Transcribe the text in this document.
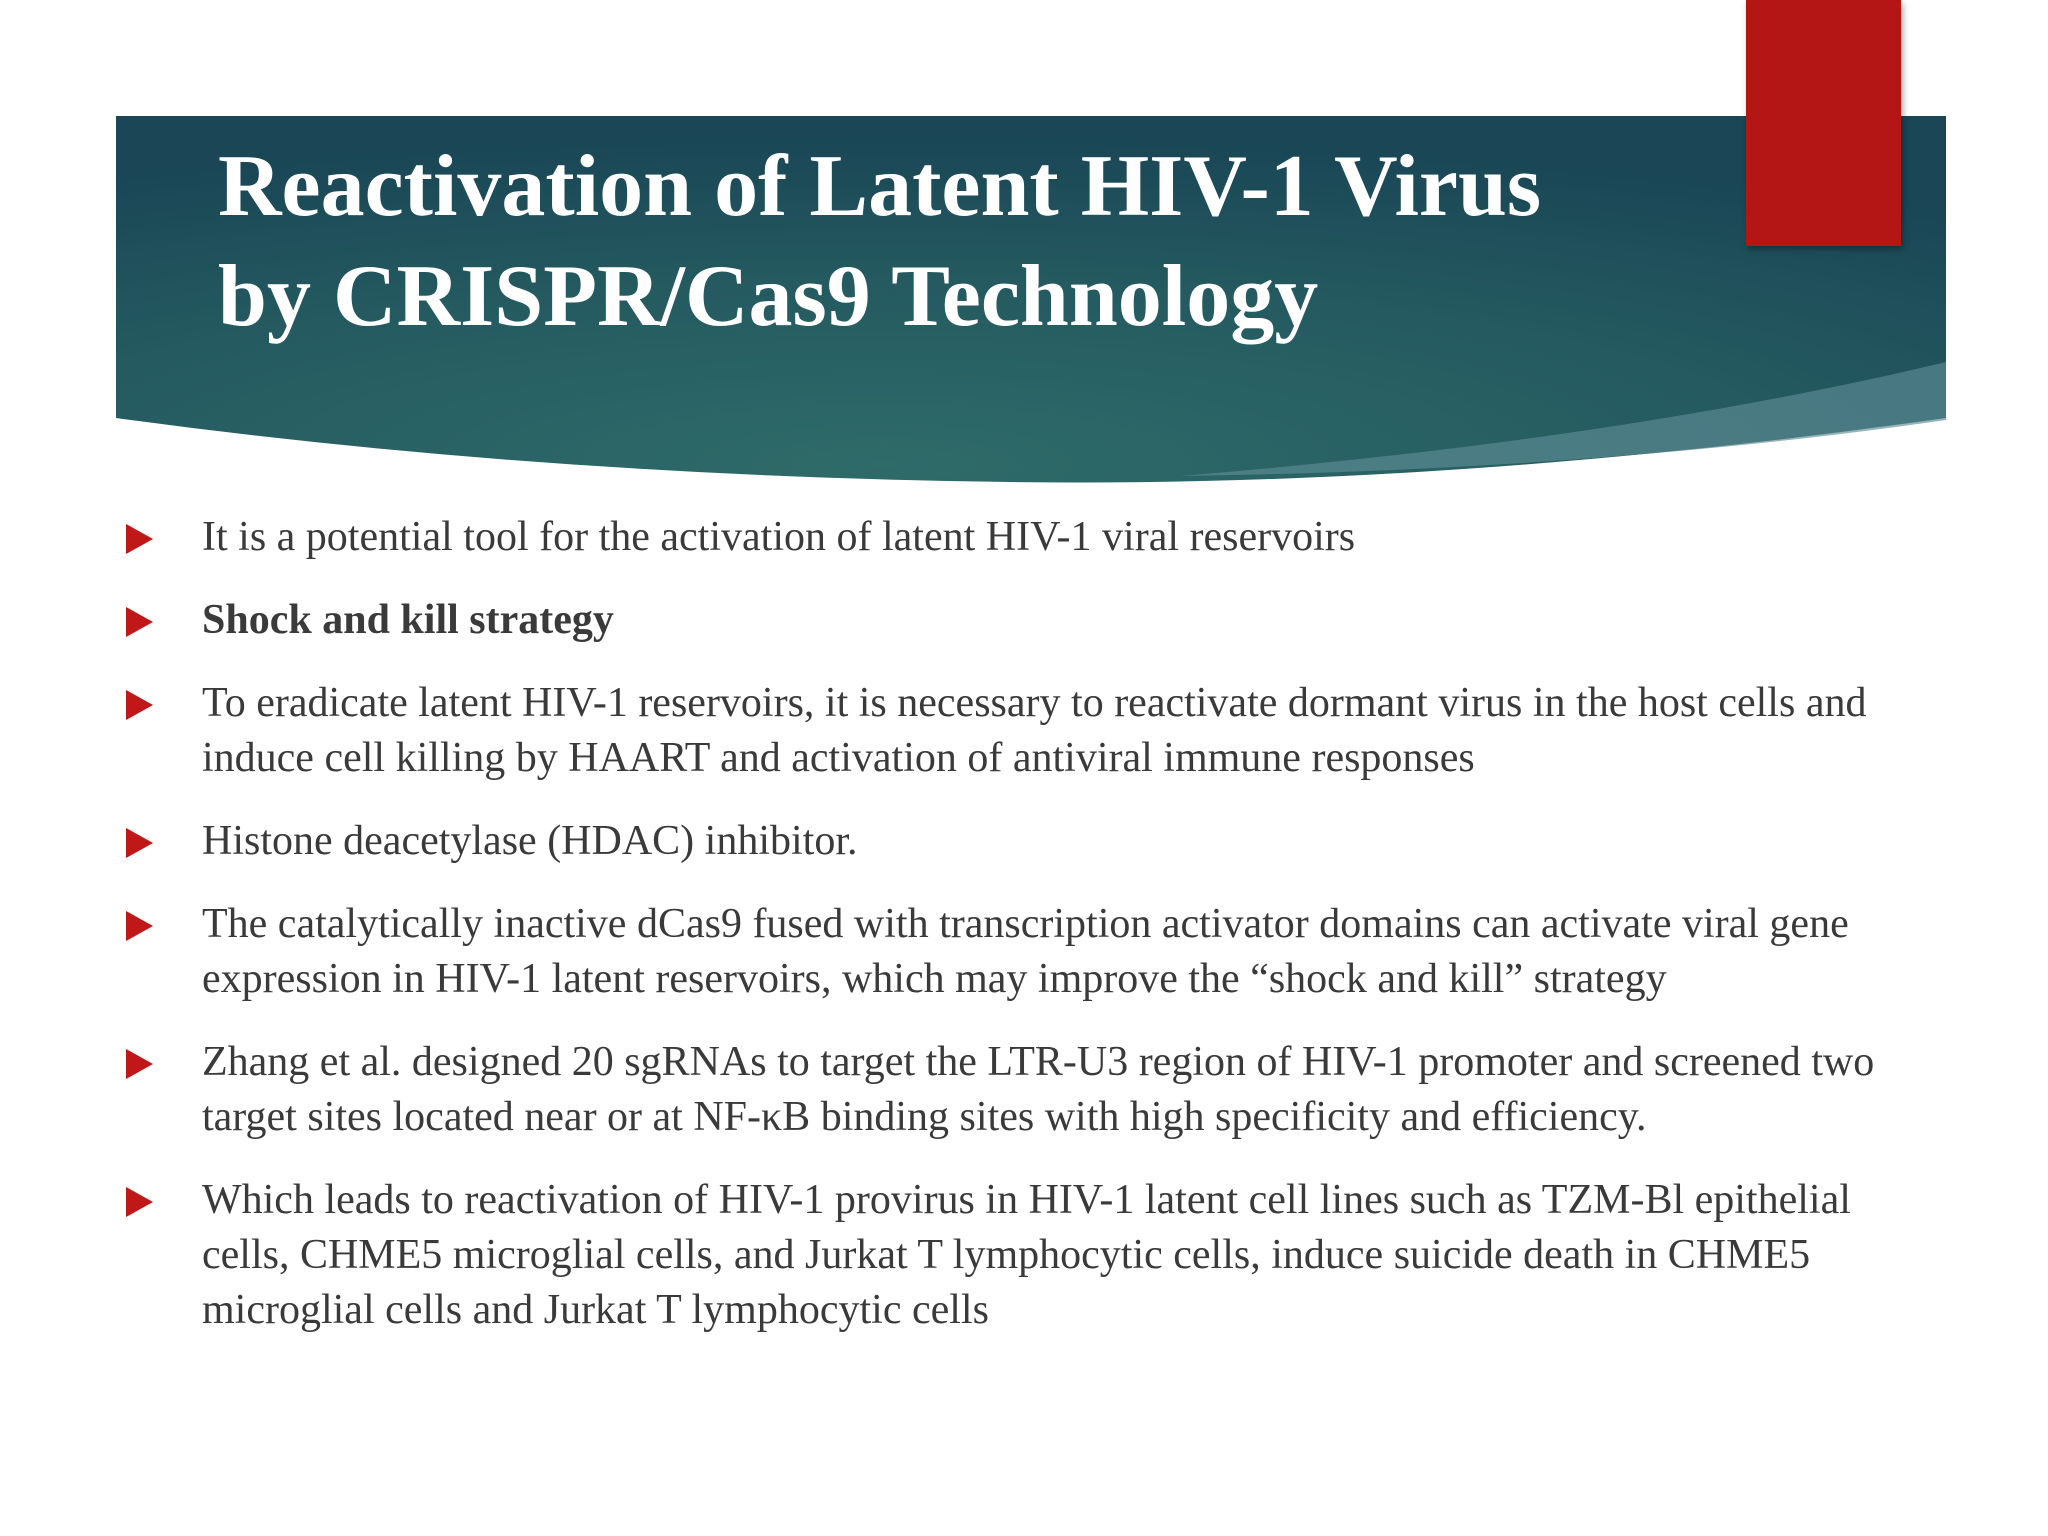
Reactivation of Latent HIV-1 Virus
by CRISPR/Cas9 Technology
It is a potential tool for the activation of latent HIV-1 viral reservoirs
Shock and kill strategy
To eradicate latent HIV-1 reservoirs, it is necessary to reactivate dormant virus in the host cells and induce cell killing by HAART and activation of antiviral immune responses
Histone deacetylase (HDAC) inhibitor.
The catalytically inactive dCas9 fused with transcription activator domains can activate viral gene expression in HIV-1 latent reservoirs, which may improve the “shock and kill” strategy
Zhang et al. designed 20 sgRNAs to target the LTR-U3 region of HIV-1 promoter and screened two target sites located near or at NF-κB binding sites with high specificity and efficiency.
Which leads to reactivation of HIV-1 provirus in HIV-1 latent cell lines such as TZM-Bl epithelial cells, CHME5 microglial cells, and Jurkat T lymphocytic cells, induce suicide death in CHME5 microglial cells and Jurkat T lymphocytic cells
